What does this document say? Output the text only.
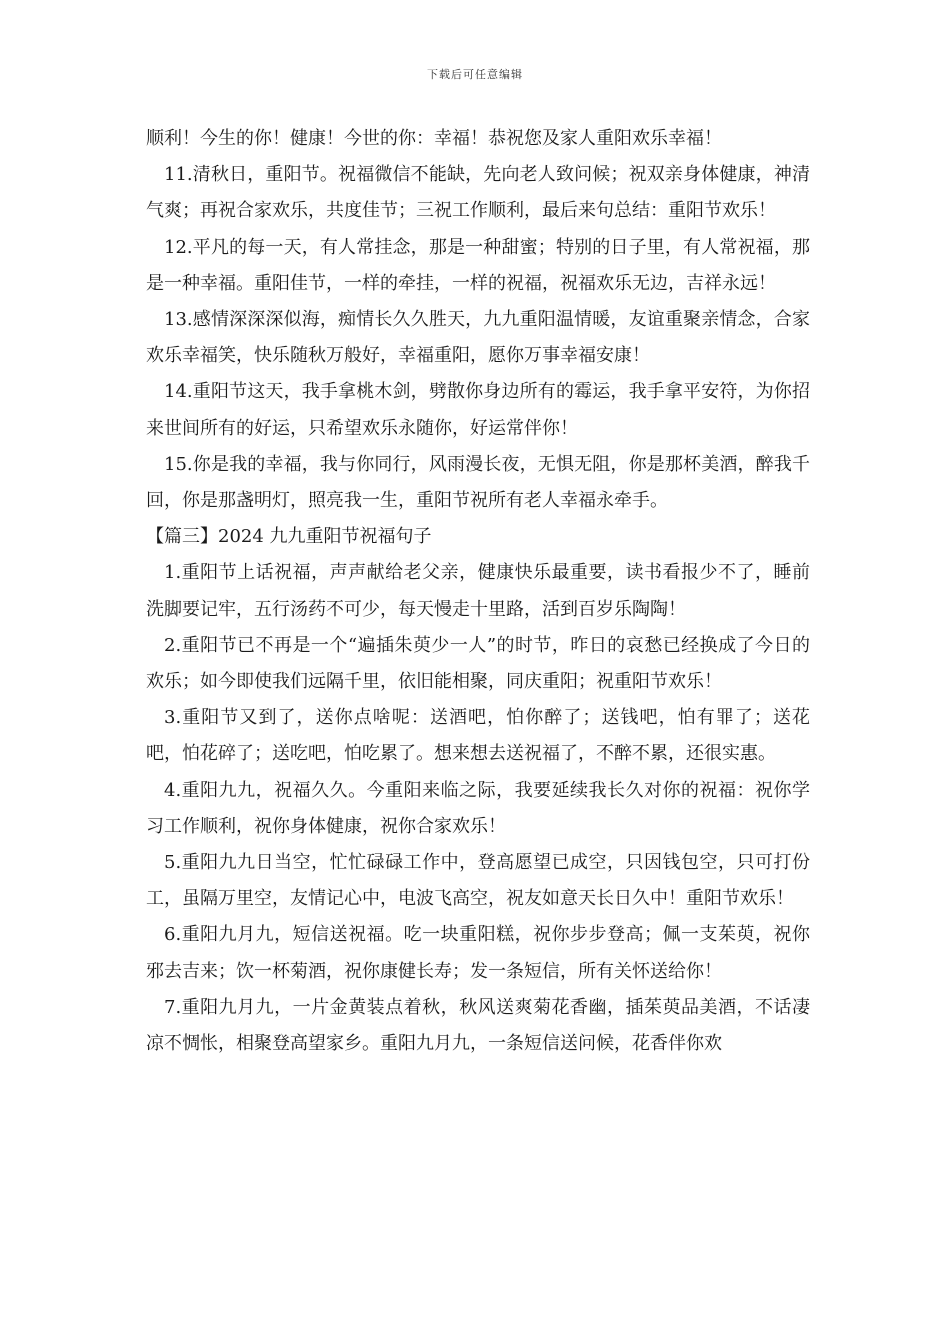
下载后可任意编辑

顺利！今生的你！健康！今世的你：幸福！恭祝您及家人重阳欢乐幸福！

11.清秋日，重阳节。祝福微信不能缺，先向老人致问候；祝双亲身体健康，神清气爽；再祝合家欢乐，共度佳节；三祝工作顺利，最后来句总结：重阳节欢乐！

12.平凡的每一天，有人常挂念，那是一种甜蜜；特别的日子里，有人常祝福，那是一种幸福。重阳佳节，一样的牵挂，一样的祝福，祝福欢乐无边，吉祥永远！

13.感情深深深似海，痴情长久久胜天，九九重阳温情暖，友谊重聚亲情念，合家欢乐幸福笑，快乐随秋万般好，幸福重阳，愿你万事幸福安康！

14.重阳节这天，我手拿桃木剑，劈散你身边所有的霉运，我手拿平安符，为你招来世间所有的好运，只希望欢乐永随你，好运常伴你！

15.你是我的幸福，我与你同行，风雨漫长夜，无惧无阻，你是那杯美酒，醉我千回，你是那盏明灯，照亮我一生，重阳节祝所有老人幸福永牵手。

【篇三】2024 九九重阳节祝福句子

1.重阳节上话祝福，声声献给老父亲，健康快乐最重要，读书看报少不了，睡前洗脚要记牢，五行汤药不可少，每天慢走十里路，活到百岁乐陶陶！

2.重阳节已不再是一个“遍插朱萸少一人”的时节，昨日的哀愁已经换成了今日的欢乐；如今即使我们远隔千里，依旧能相聚，同庆重阳；祝重阳节欢乐！

3.重阳节又到了，送你点啥呢：送酒吧，怕你醉了；送钱吧，怕有罪了；送花吧，怕花碎了；送吃吧，怕吃累了。想来想去送祝福了，不醉不累，还很实惠。

4.重阳九九，祝福久久。今重阳来临之际，我要延续我长久对你的祝福：祝你学习工作顺利，祝你身体健康，祝你合家欢乐！

5.重阳九九日当空，忙忙碌碌工作中，登高愿望已成空，只因钱包空，只可打份工，虽隔万里空，友情记心中，电波飞高空，祝友如意天长日久中！重阳节欢乐！

6.重阳九月九，短信送祝福。吃一块重阳糕，祝你步步登高；佩一支茱萸，祝你邪去吉来；饮一杯菊酒，祝你康健长寿；发一条短信，所有关怀送给你！

7.重阳九月九，一片金黄装点着秋，秋风送爽菊花香幽，插茱萸品美酒，不话凄凉不惆怅，相聚登高望家乡。重阳九月九，一条短信送问候，花香伴你欢
